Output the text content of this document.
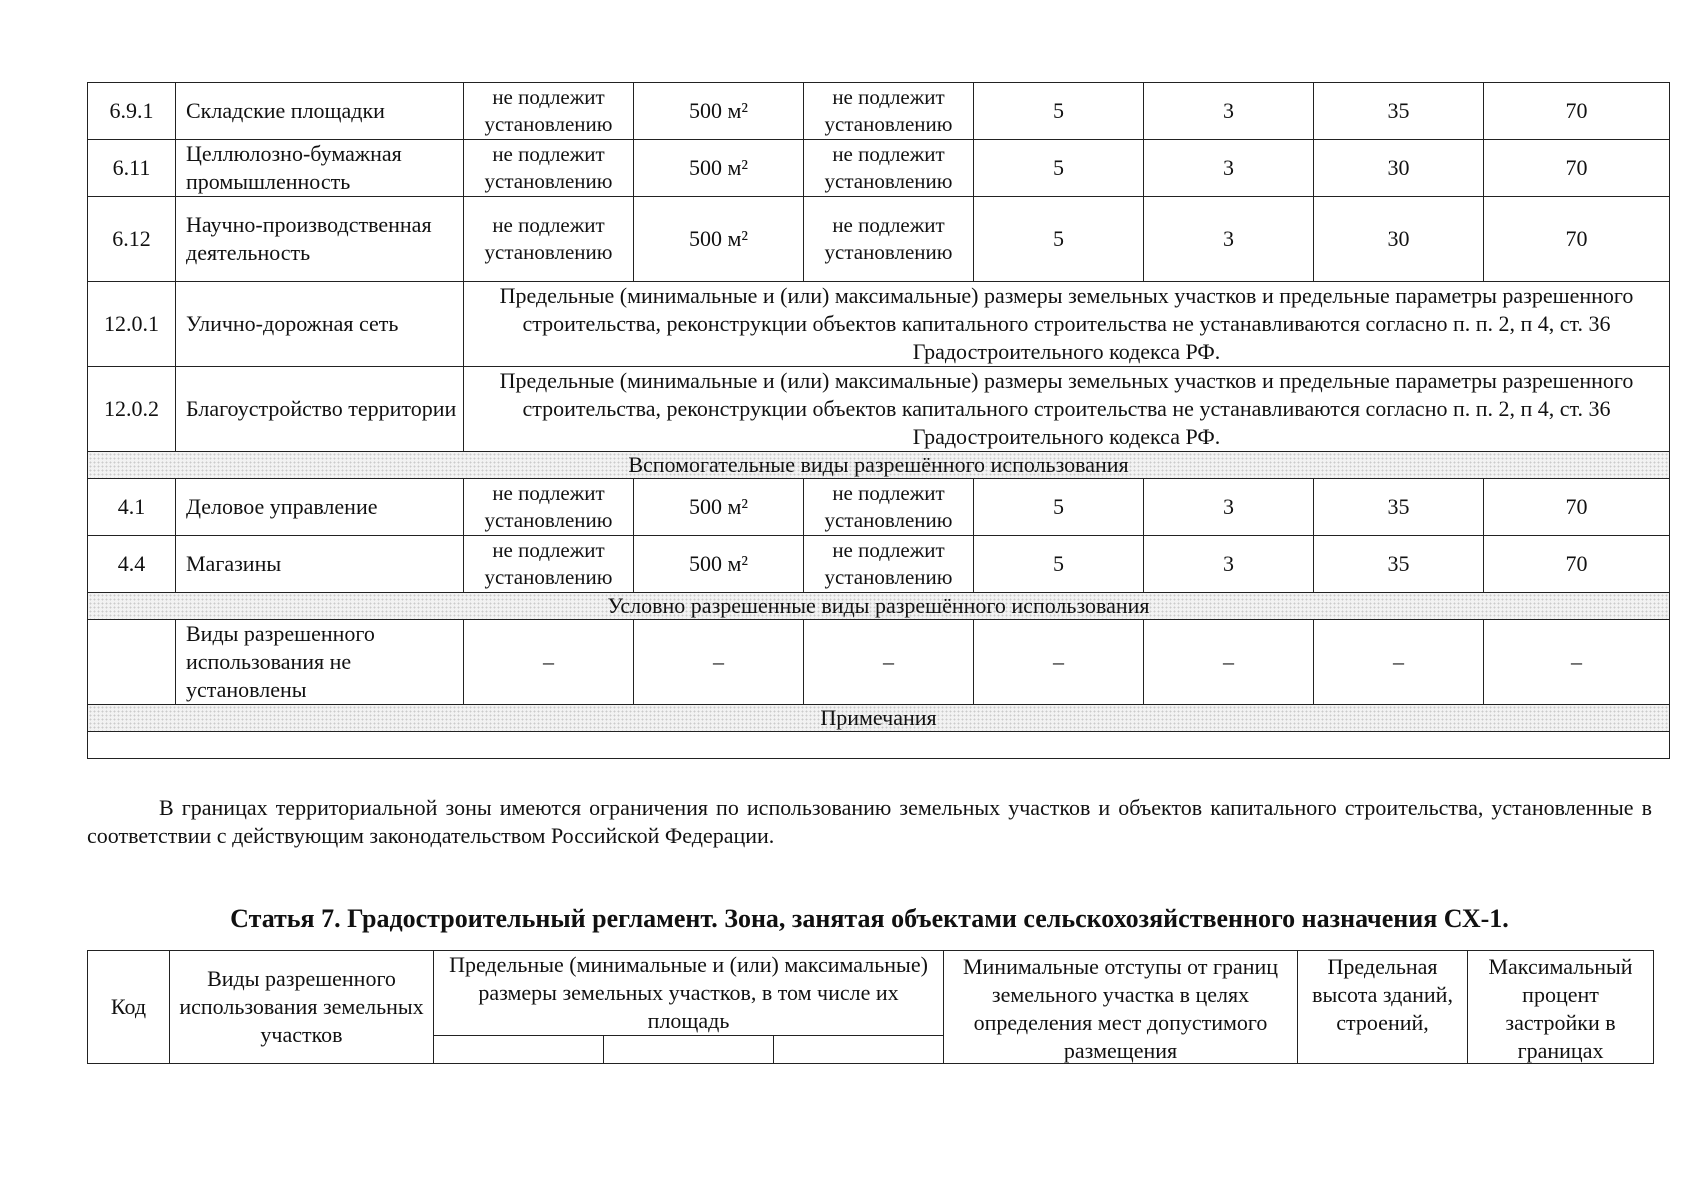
6.9.1	Складские площадки	не подлежит установлению	500 м²	не подлежит установлению	5	3	35	70
6.11	Целлюлозно-бумажная промышленность	не подлежит установлению	500 м²	не подлежит установлению	5	3	30	70
6.12	Научно-производственная деятельность	не подлежит установлению	500 м²	не подлежит установлению	5	3	30	70
12.0.1	Улично-дорожная сеть	Предельные (минимальные и (или) максимальные) размеры земельных участков и предельные параметры разрешенного строительства, реконструкции объектов капитального строительства не устанавливаются согласно п. п. 2, п 4, ст. 36 Градостроительного кодекса РФ.						
12.0.2	Благоустройство территории	Предельные (минимальные и (или) максимальные) размеры земельных участков и предельные параметры разрешенного строительства, реконструкции объектов капитального строительства не устанавливаются согласно п. п. 2, п 4, ст. 36 Градостроительного кодекса РФ.						
Вспомогательные виды разрешённого использования								
4.1	Деловое управление	не подлежит установлению	500 м²	не подлежит установлению	5	3	35	70
4.4	Магазины	не подлежит установлению	500 м²	не подлежит установлению	5	3	35	70
Условно разрешенные виды разрешённого использования								
	Виды разрешенного использования не установлены	–	–	–	–	–	–	–
Примечания								

В границах территориальной зоны имеются ограничения по использованию земельных участков и объектов капитального строительства, установленные в соответствии с действующим законодательством Российской Федерации.
Статья 7. Градостроительный регламент. Зона, занятая объектами сельскохозяйственного назначения СХ-1.
Код	Виды разрешенного использования земельных участков	Предельные (минимальные и (или) максимальные) размеры земельных участков, в том числе их площадь			Минимальные отступы от границ земельного участка в целях определения мест допустимого размещения	Предельная высота зданий, строений,	Максимальный процент застройки в границах
